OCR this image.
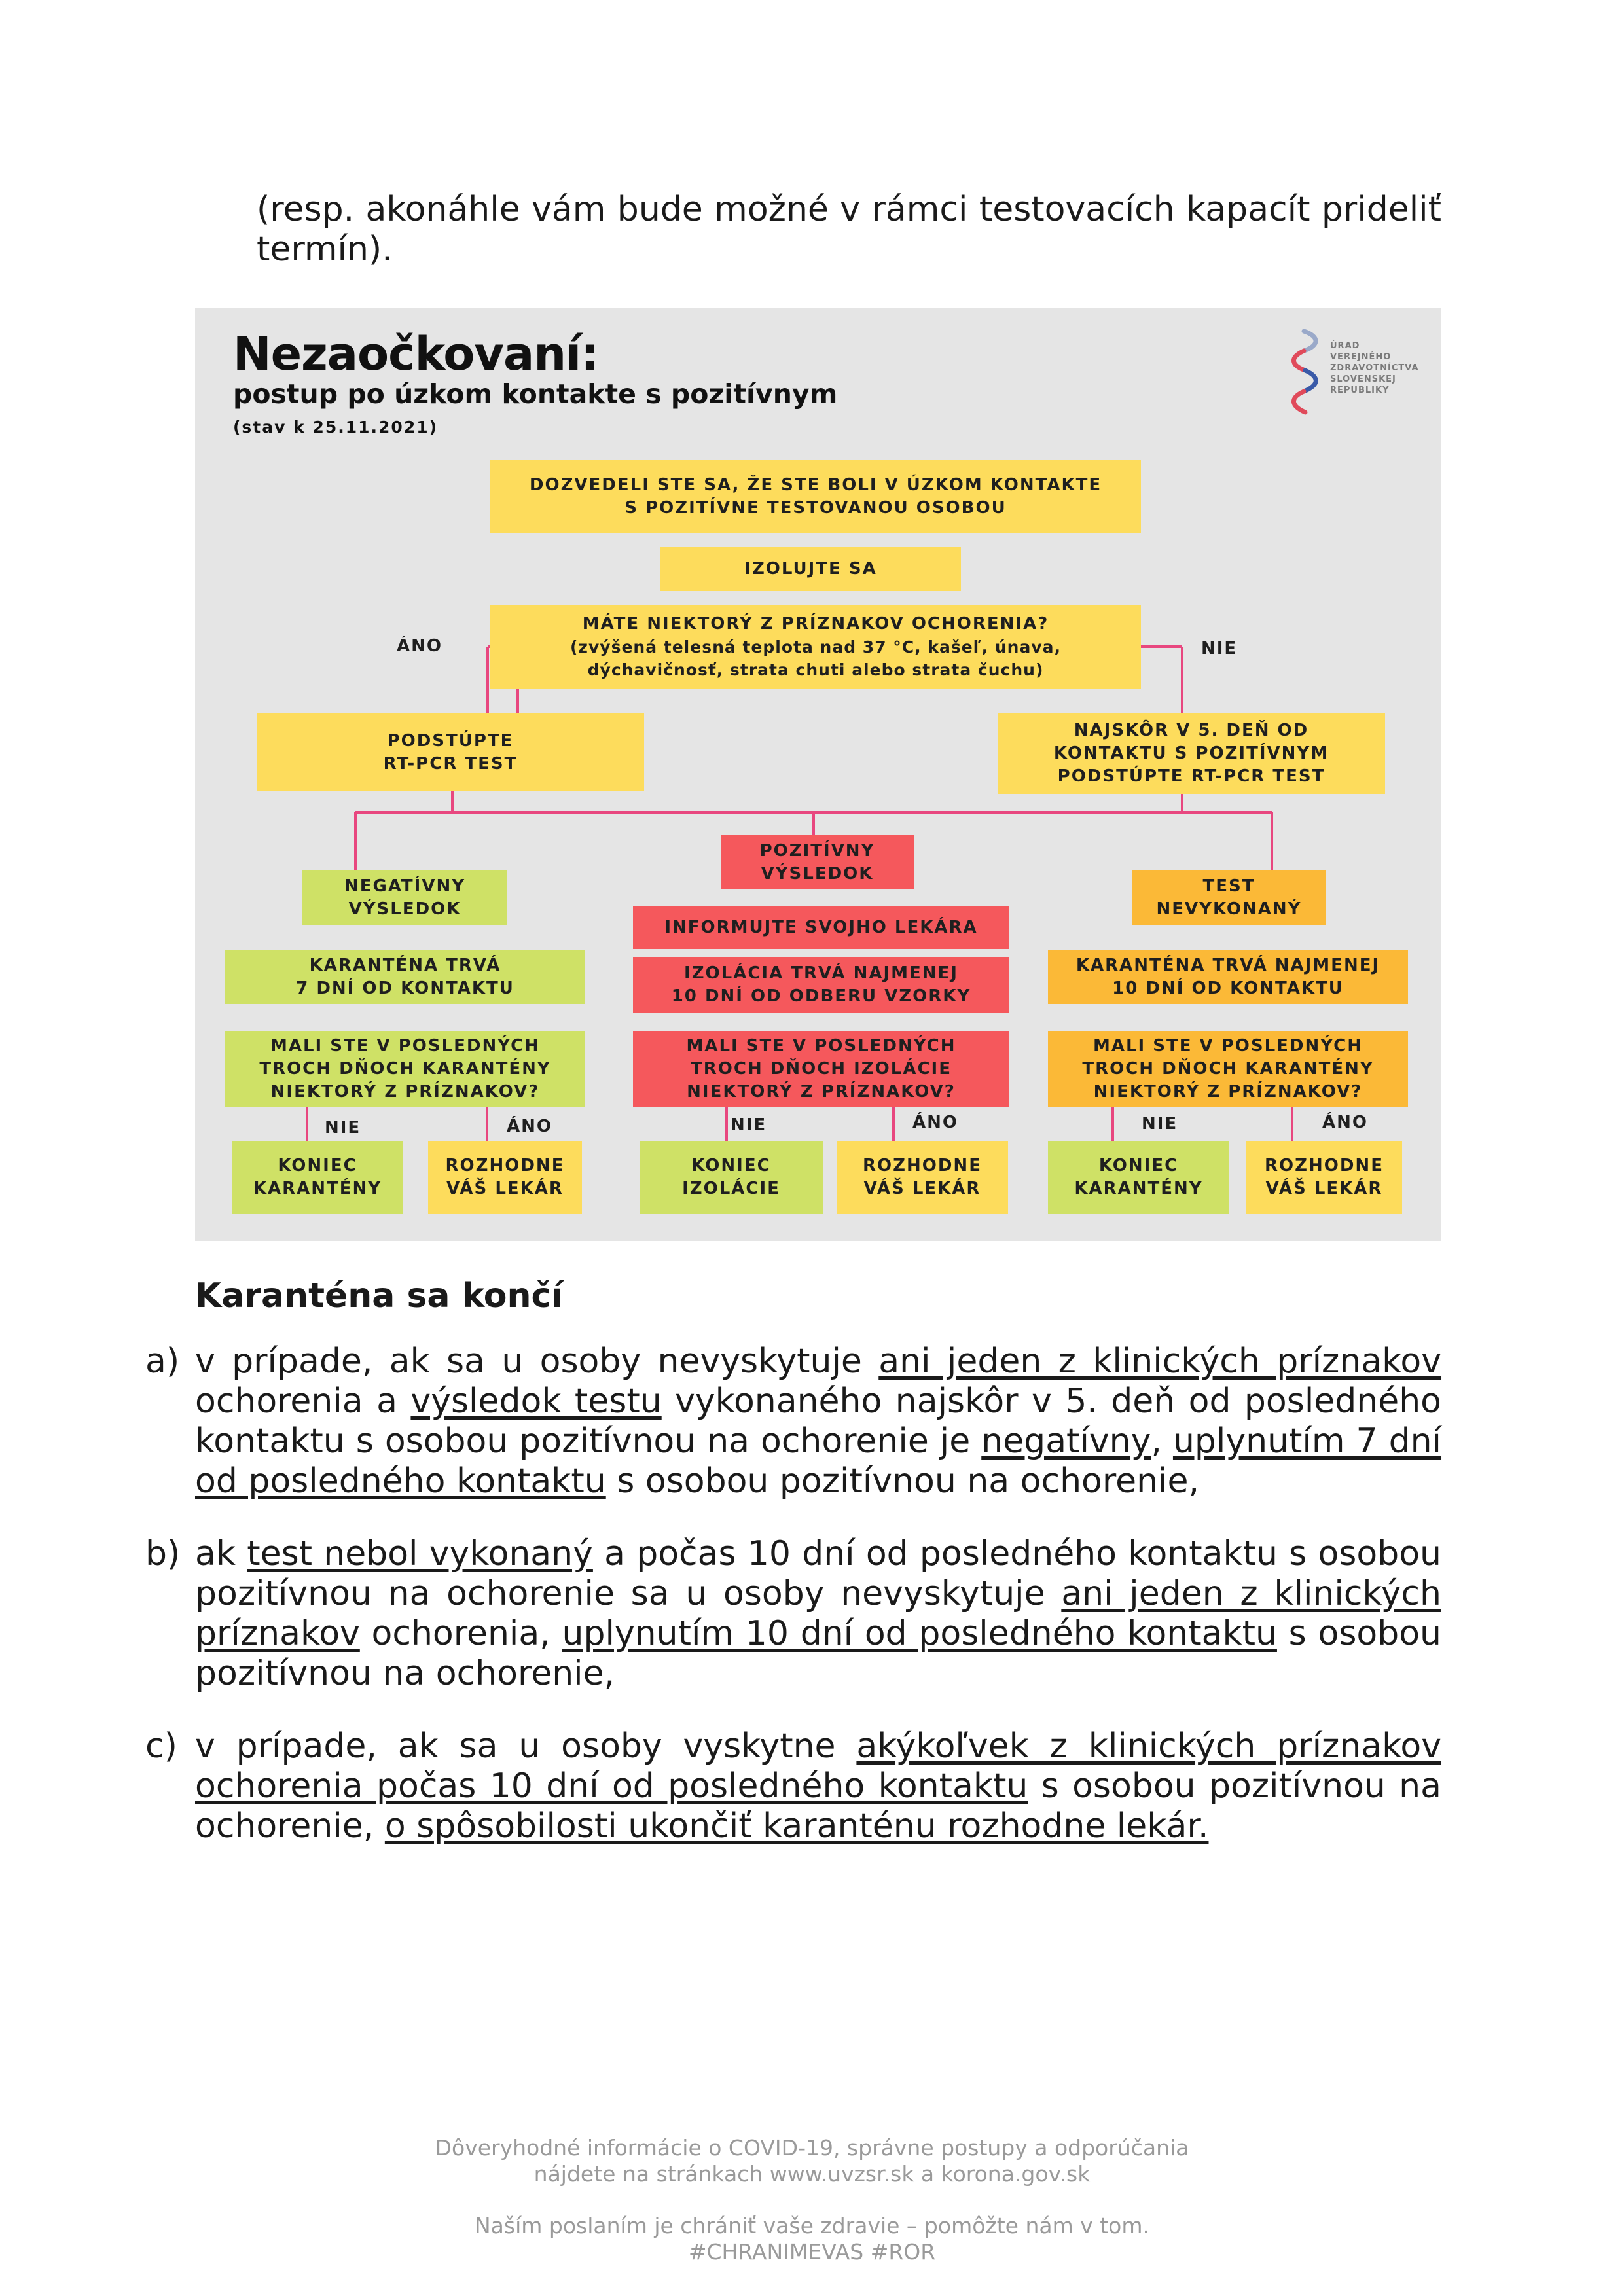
(resp. akonáhle vám bude možné v rámci testovacích kapacít prideliť termín).

Nezaočkovaní:
postup po úzkom kontakte s pozitívnym

(stav k 25.11.2021)

ÚRAD
VEREJNÉHO
ZDRAVOTNÍCTVA
SLOVENSKEJ
REPUBLIKY
DOZVEDELI STE SA, ŽE STE BOLI V ÚZKOM KONTAKTE
S POZITÍVNE TESTOVANOU OSOBOU
IZOLUJTE SA
MÁTE NIEKTORÝ Z PRÍZNAKOV OCHORENIA?
(zvýšená telesná teplota nad 37 °C, kašeľ, únava,
dýchavičnosť, strata chuti alebo strata čuchu)
ÁNO	NIE
PODSTÚPTE
RT-PCR TEST
NAJSKÔR V 5. DEŇ OD
KONTAKTU S POZITÍVNYM
PODSTÚPTE RT-PCR TEST
NEGATÍVNY
VÝSLEDOK
KARANTÉNA TRVÁ
7 DNÍ OD KONTAKTU
MALI STE V POSLEDNÝCH
TROCH DŇOCH KARANTÉNY
NIEKTORÝ Z PRÍZNAKOV?
NIE	ÁNO
KONIEC
KARANTÉNY
ROZHODNE
VÁŠ LEKÁR
POZITÍVNY
VÝSLEDOK
INFORMUJTE SVOJHO LEKÁRA
IZOLÁCIA TRVÁ NAJMENEJ
10 DNÍ OD ODBERU VZORKY
MALI STE V POSLEDNÝCH
TROCH DŇOCH IZOLÁCIE
NIEKTORÝ Z PRÍZNAKOV?
NIE	ÁNO
KONIEC
IZOLÁCIE
ROZHODNE
VÁŠ LEKÁR
TEST
NEVYKONANÝ
KARANTÉNA TRVÁ NAJMENEJ
10 DNÍ OD KONTAKTU
MALI STE V POSLEDNÝCH
TROCH DŇOCH KARANTÉNY
NIEKTORÝ Z PRÍZNAKOV?
NIE	ÁNO
KONIEC
KARANTÉNY
ROZHODNE
VÁŠ LEKÁR
Karanténa sa končí
a) v prípade, ak sa u osoby nevyskytuje ani jeden z klinických príznakov ochorenia a výsledok testu vykonaného najskôr v 5. deň od posledného kontaktu s osobou pozitívnou na ochorenie je negatívny, uplynutím 7 dní od posledného kontaktu s osobou pozitívnou na ochorenie,
b) ak test nebol vykonaný a počas 10 dní od posledného kontaktu s osobou pozitívnou na ochorenie sa u osoby nevyskytuje ani jeden z klinických príznakov ochorenia, uplynutím 10 dní od posledného kontaktu s osobou pozitívnou na ochorenie,
c) v prípade, ak sa u osoby vyskytne akýkoľvek z klinických príznakov ochorenia počas 10 dní od posledného kontaktu s osobou pozitívnou na ochorenie, o spôsobilosti ukončiť karanténu rozhodne lekár.

Dôveryhodné informácie o COVID-19, správne postupy a odporúčania
nájdete na stránkach www.uvzsr.sk a korona.gov.sk

Naším poslaním je chrániť vaše zdravie – pomôžte nám v tom.
#CHRANIMEVAS #ROR
